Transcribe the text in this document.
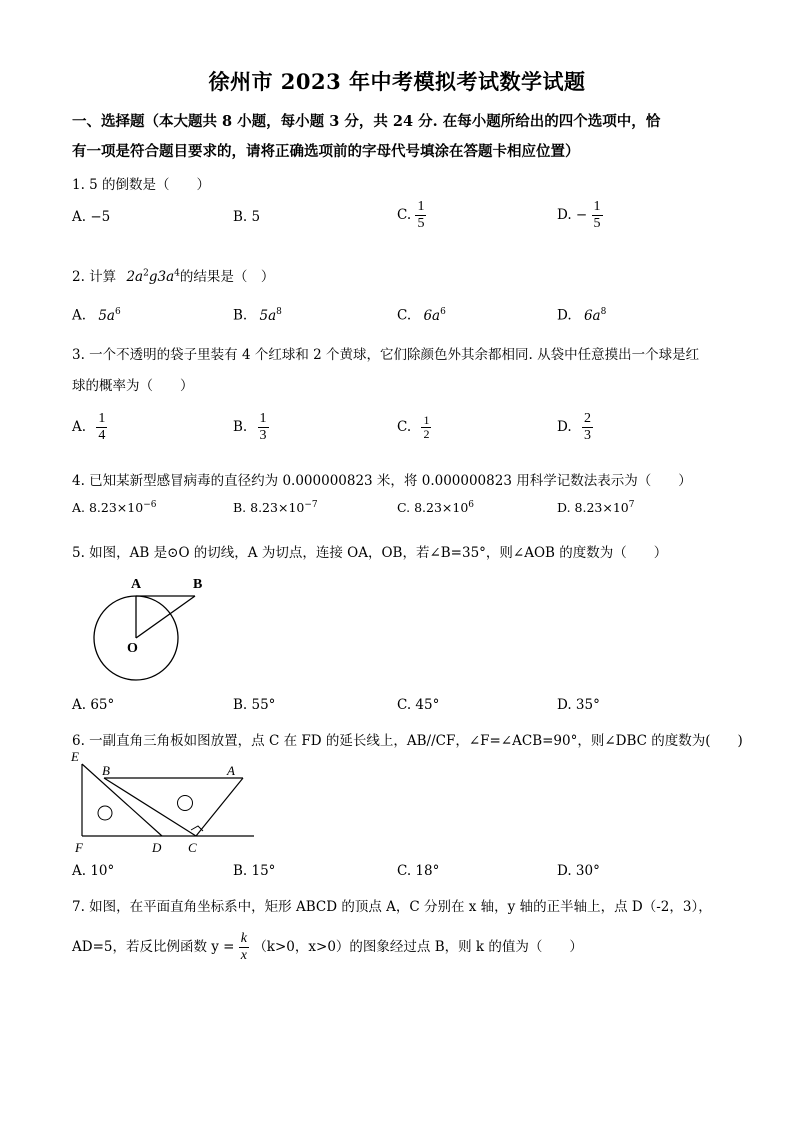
徐州市 2023 年中考模拟考试数学试题
一、选择题（本大题共 8 小题，每小题 3 分，共 24 分. 在每小题所给出的四个选项中，恰
有一项是符合题目要求的，请将正确选项前的字母代号填涂在答题卡相应位置）
1. 5 的倒数是（　　）
A. −5	B. 5	C. $\frac{1}{5}$	D. − $\frac{1}{5}$
2. 计算 $2a^2g3a^4$的结果是（　）
A. $5a^6$	B. $5a^8$	C. $6a^6$	D. $6a^8$
3. 一个不透明的袋子里装有 4 个红球和 2 个黄球，它们除颜色外其余都相同. 从袋中任意摸出一个球是红
球的概率为（　　）
A. $\frac{1}{4}$	B. $\frac{1}{3}$	C. $\frac{1}{2}$	D. $\frac{2}{3}$
4. 已知某新型感冒病毒的直径约为 0.000000823 米，将 0.000000823 用科学记数法表示为（　　）
A. $8.23\times 10^{-6}$	B. $8.23\times 10^{-7}$	C. $8.23\times 10^6$	D. $8.23\times 10^7$
5. 如图，AB 是⊙O 的切线，A 为切点，连接 OA，OB，若∠B=35°，则∠AOB 的度数为（　　）
A	B
O
A. 65°	B. 55°	C. 45°	D. 35°
6. 一副直角三角板如图放置，点 C 在 FD 的延长线上，AB//CF，∠F=∠ACB=90°，则∠DBC 的度数为(　　)
E
B	A
F	D C
A. 10°	B. 15°	C. 18°	D. 30°
7. 如图，在平面直角坐标系中，矩形 ABCD 的顶点 A，C 分别在 x 轴，y 轴的正半轴上，点 D（-2，3），
AD=5，若反比例函数 $y = \frac{k}{x} (k>0$，x>0）的图象经过点 B，则 k 的值为（　　）
